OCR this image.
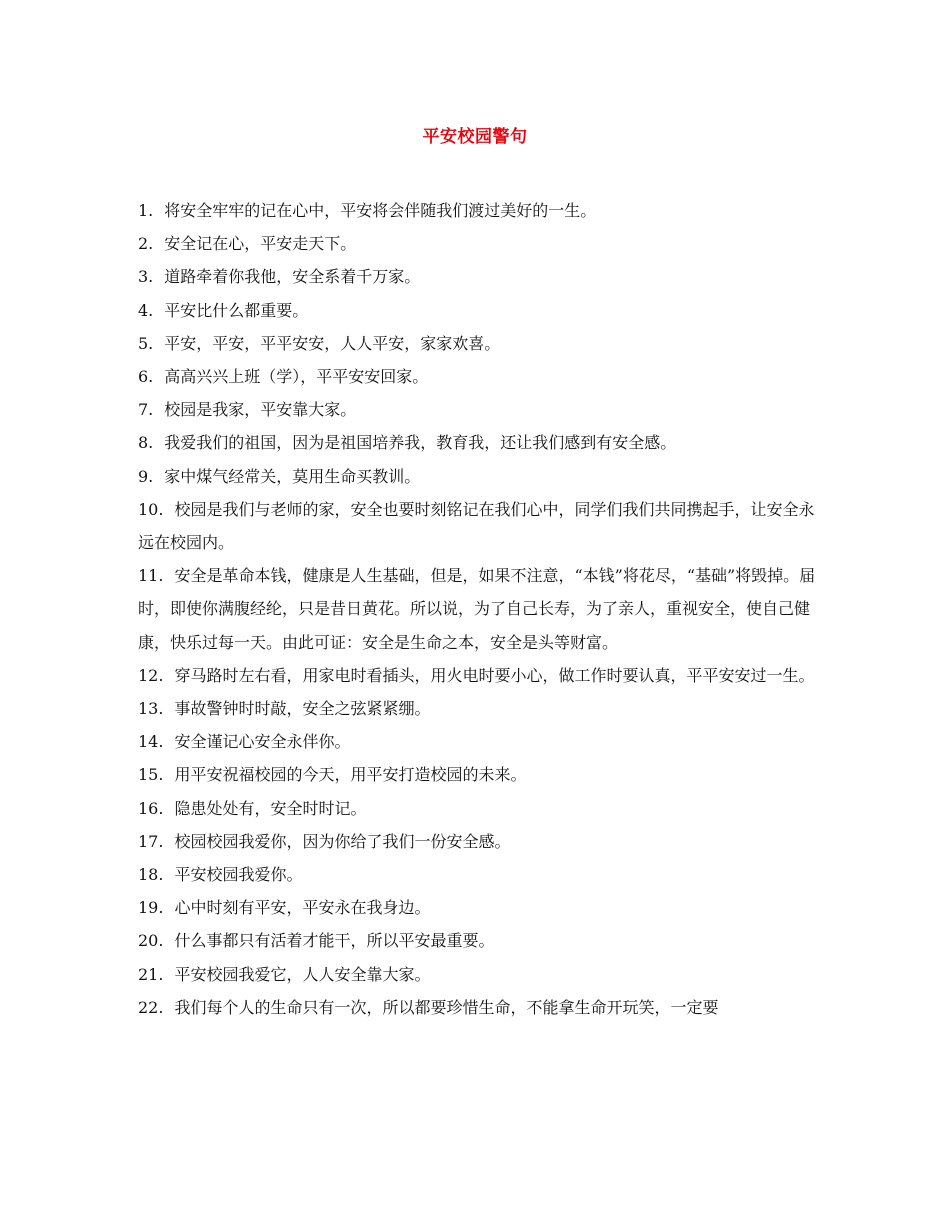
平安校园警句

1. 将安全牢牢的记在心中，平安将会伴随我们渡过美好的一生。

2. 安全记在心，平安走天下。

3. 道路牵着你我他，安全系着千万家。

4. 平安比什么都重要。

5. 平安，平安，平平安安，人人平安，家家欢喜。

6. 高高兴兴上班（学），平平安安回家。

7. 校园是我家，平安靠大家。

8. 我爱我们的祖国，因为是祖国培养我，教育我，还让我们感到有安全感。

9. 家中煤气经常关，莫用生命买教训。

10. 校园是我们与老师的家，安全也要时刻铭记在我们心中，同学们我们共同携起手，让安全永远在校园内。

11. 安全是革命本钱，健康是人生基础，但是，如果不注意，“本钱”将花尽，“基础”将毁掉。届时，即使你满腹经纶，只是昔日黄花。所以说，为了自己长寿，为了亲人，重视安全，使自己健康，快乐过每一天。由此可证：安全是生命之本，安全是头等财富。

12. 穿马路时左右看，用家电时看插头，用火电时要小心，做工作时要认真，平平安安过一生。

13. 事故警钟时时敲，安全之弦紧紧绷。

14. 安全谨记心安全永伴你。

15. 用平安祝福校园的今天，用平安打造校园的未来。

16. 隐患处处有，安全时时记。

17. 校园校园我爱你，因为你给了我们一份安全感。

18. 平安校园我爱你。

19. 心中时刻有平安，平安永在我身边。

20. 什么事都只有活着才能干，所以平安最重要。

21. 平安校园我爱它，人人安全靠大家。

22. 我们每个人的生命只有一次，所以都要珍惜生命，不能拿生命开玩笑，一定要
